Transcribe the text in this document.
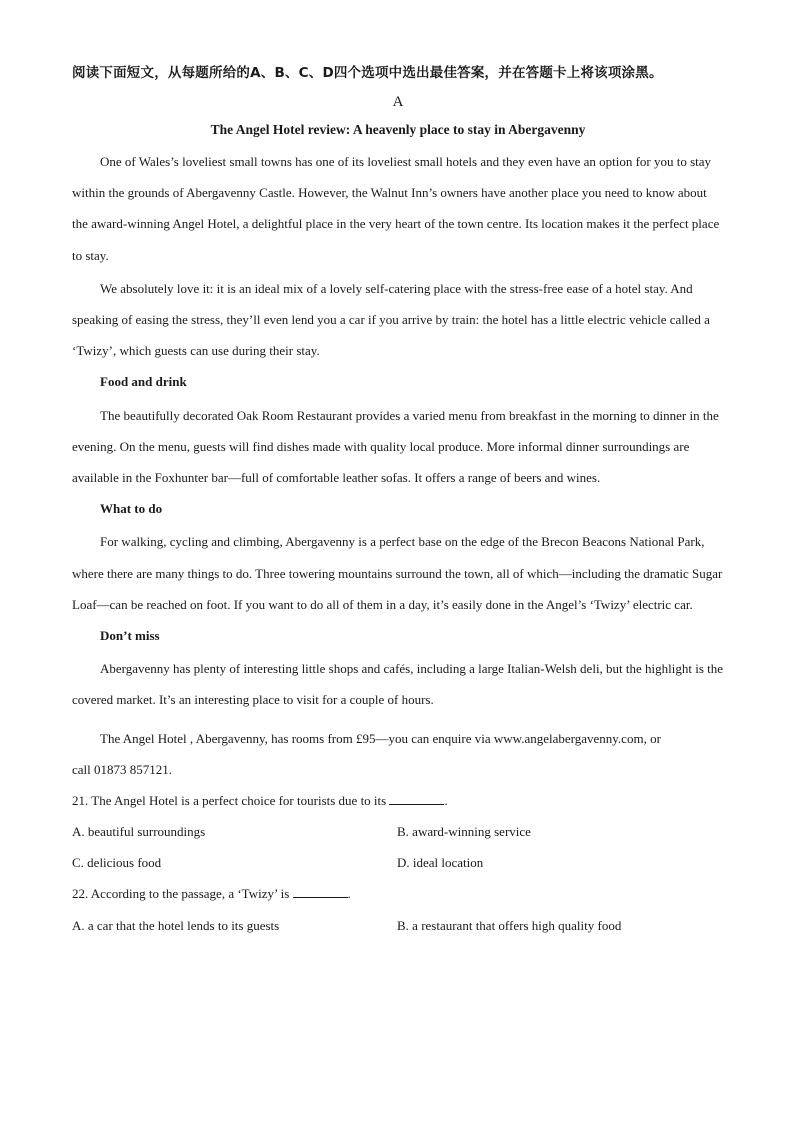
阅读下面短文，从每题所给的A、B、C、D四个选项中选出最佳答案，并在答题卡上将该项涂黑。

A
The Angel Hotel review: A heavenly place to stay in Abergavenny

One of Wales’s loveliest small towns has one of its loveliest small hotels and they even have an option for you to stay within the grounds of Abergavenny Castle. However, the Walnut Inn’s owners have another place you need to know about the award-winning Angel Hotel, a delightful place in the very heart of the town centre. Its location makes it the perfect place to stay.

We absolutely love it: it is an ideal mix of a lovely self-catering place with the stress-free ease of a hotel stay. And speaking of easing the stress, they’ll even lend you a car if you arrive by train: the hotel has a little electric vehicle called a ‘Twizy’, which guests can use during their stay.

Food and drink

The beautifully decorated Oak Room Restaurant provides a varied menu from breakfast in the morning to dinner in the evening. On the menu, guests will find dishes made with quality local produce. More informal dinner surroundings are available in the Foxhunter bar—full of comfortable leather sofas. It offers a range of beers and wines.

What to do

For walking, cycling and climbing, Abergavenny is a perfect base on the edge of the Brecon Beacons National Park, where there are many things to do. Three towering mountains surround the town, all of which—including the dramatic Sugar Loaf—can be reached on foot. If you want to do all of them in a day, it’s easily done in the Angel’s ‘Twizy’ electric car.

Don’t miss

Abergavenny has plenty of interesting little shops and cafés, including a large Italian-Welsh deli, but the highlight is the covered market. It’s an interesting place to visit for a couple of hours.

The Angel Hotel , Abergavenny, has rooms from £95—you can enquire via www.angelabergavenny.com, or

call 01873 857121.

21. The Angel Hotel is a perfect choice for tourists due to its	.

A. beautiful surroundings	B. award-winning service
C. delicious food	D. ideal location

22. According to the passage, a ‘Twizy’ is	.

A. a car that the hotel lends to its guests	B. a restaurant that offers high quality food
